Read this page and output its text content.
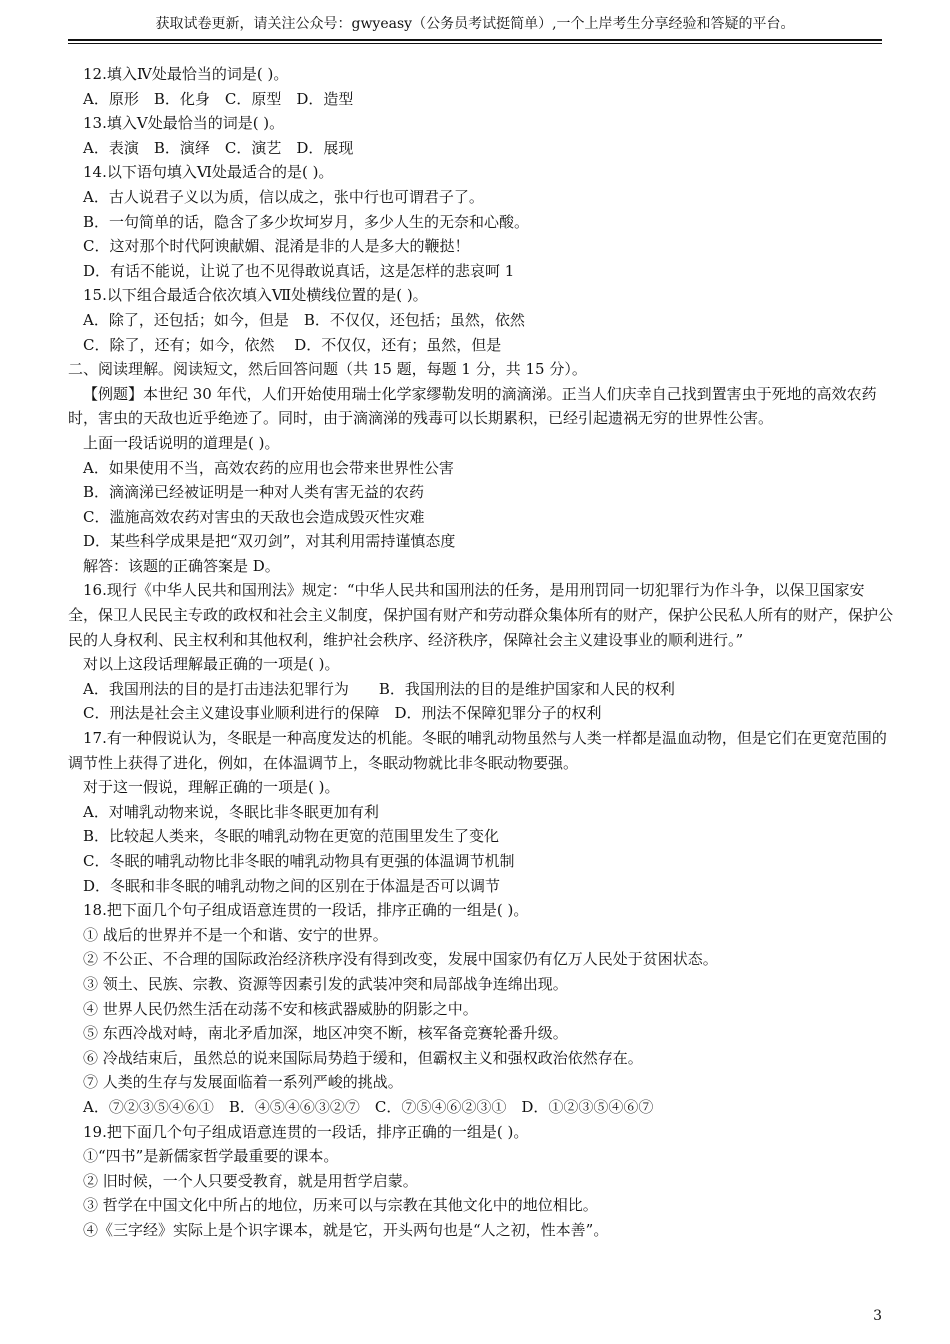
获取试卷更新，请关注公众号：gwyeasy（公务员考试挺简单）,一个上岸考生分享经验和答疑的平台。

12.填入Ⅳ处最恰当的词是( )。

A．原形　B．化身　C．原型　D．造型

13.填入Ⅴ处最恰当的词是( )。

A．表演　B．演绎　C．演艺　D．展现

14.以下语句填入Ⅵ处最适合的是( )。

A．古人说君子义以为质，信以成之，张中行也可谓君子了。

B．一句简单的话，隐含了多少坎坷岁月，多少人生的无奈和心酸。

C．这对那个时代阿谀献媚、混淆是非的人是多大的鞭挞！

D．有话不能说，让说了也不见得敢说真话，这是怎样的悲哀呵 1

15.以下组合最适合依次填入Ⅶ处横线位置的是( )。

A．除了，还包括；如今，但是　B．不仅仅，还包括；虽然，依然

C．除了，还有；如今，依然　 D．不仅仅，还有；虽然，但是

二、阅读理解。阅读短文，然后回答问题（共 15 题，每题 1 分，共 15 分）。

【例题】本世纪 30 年代，人们开始使用瑞士化学家缪勒发明的滴滴涕。正当人们庆幸自己找到置害虫于死地的高效农药时，害虫的天敌也近乎绝迹了。同时，由于滴滴涕的残毒可以长期累积，已经引起遗祸无穷的世界性公害。

上面一段话说明的道理是( )。

A．如果使用不当，高效农药的应用也会带来世界性公害

B．滴滴涕已经被证明是一种对人类有害无益的农药

C．滥施高效农药对害虫的天敌也会造成毁灭性灾难

D．某些科学成果是把“双刃剑”，对其利用需持谨慎态度

解答：该题的正确答案是 D。

16.现行《中华人民共和国刑法》规定：“中华人民共和国刑法的任务，是用刑罚同一切犯罪行为作斗争，以保卫国家安全，保卫人民民主专政的政权和社会主义制度，保护国有财产和劳动群众集体所有的财产，保护公民私人所有的财产，保护公民的人身权利、民主权利和其他权利，维护社会秩序、经济秩序，保障社会主义建设事业的顺利进行。”

对以上这段话理解最正确的一项是( )。

A．我国刑法的目的是打击违法犯罪行为　　B．我国刑法的目的是维护国家和人民的权利

C．刑法是社会主义建设事业顺利进行的保障　D．刑法不保障犯罪分子的权利

17.有一种假说认为，冬眠是一种高度发达的机能。冬眠的哺乳动物虽然与人类一样都是温血动物，但是它们在更宽范围的调节性上获得了进化，例如，在体温调节上，冬眠动物就比非冬眠动物要强。

对于这一假说，理解正确的一项是( )。

A．对哺乳动物来说，冬眠比非冬眠更加有利

B．比较起人类来，冬眠的哺乳动物在更宽的范围里发生了变化

C．冬眠的哺乳动物比非冬眠的哺乳动物具有更强的体温调节机制

D．冬眠和非冬眠的哺乳动物之间的区别在于体温是否可以调节

18.把下面几个句子组成语意连贯的一段话，排序正确的一组是( )。

① 战后的世界并不是一个和谐、安宁的世界。

② 不公正、不合理的国际政治经济秩序没有得到改变，发展中国家仍有亿万人民处于贫困状态。

③ 领土、民族、宗教、资源等因素引发的武装冲突和局部战争连绵出现。

④ 世界人民仍然生活在动荡不安和核武器威胁的阴影之中。

⑤ 东西冷战对峙，南北矛盾加深，地区冲突不断，核军备竞赛轮番升级。

⑥ 冷战结束后，虽然总的说来国际局势趋于缓和，但霸权主义和强权政治依然存在。

⑦ 人类的生存与发展面临着一系列严峻的挑战。

A．⑦②③⑤④⑥①　B．④⑤④⑥③②⑦　C．⑦⑤④⑥②③①　D．①②③⑤④⑥⑦

19.把下面几个句子组成语意连贯的一段话，排序正确的一组是( )。

①“四书”是新儒家哲学最重要的课本。

② 旧时候，一个人只要受教育，就是用哲学启蒙。

③ 哲学在中国文化中所占的地位，历来可以与宗教在其他文化中的地位相比。

④《三字经》实际上是个识字课本，就是它，开头两句也是“人之初，性本善”。

3
